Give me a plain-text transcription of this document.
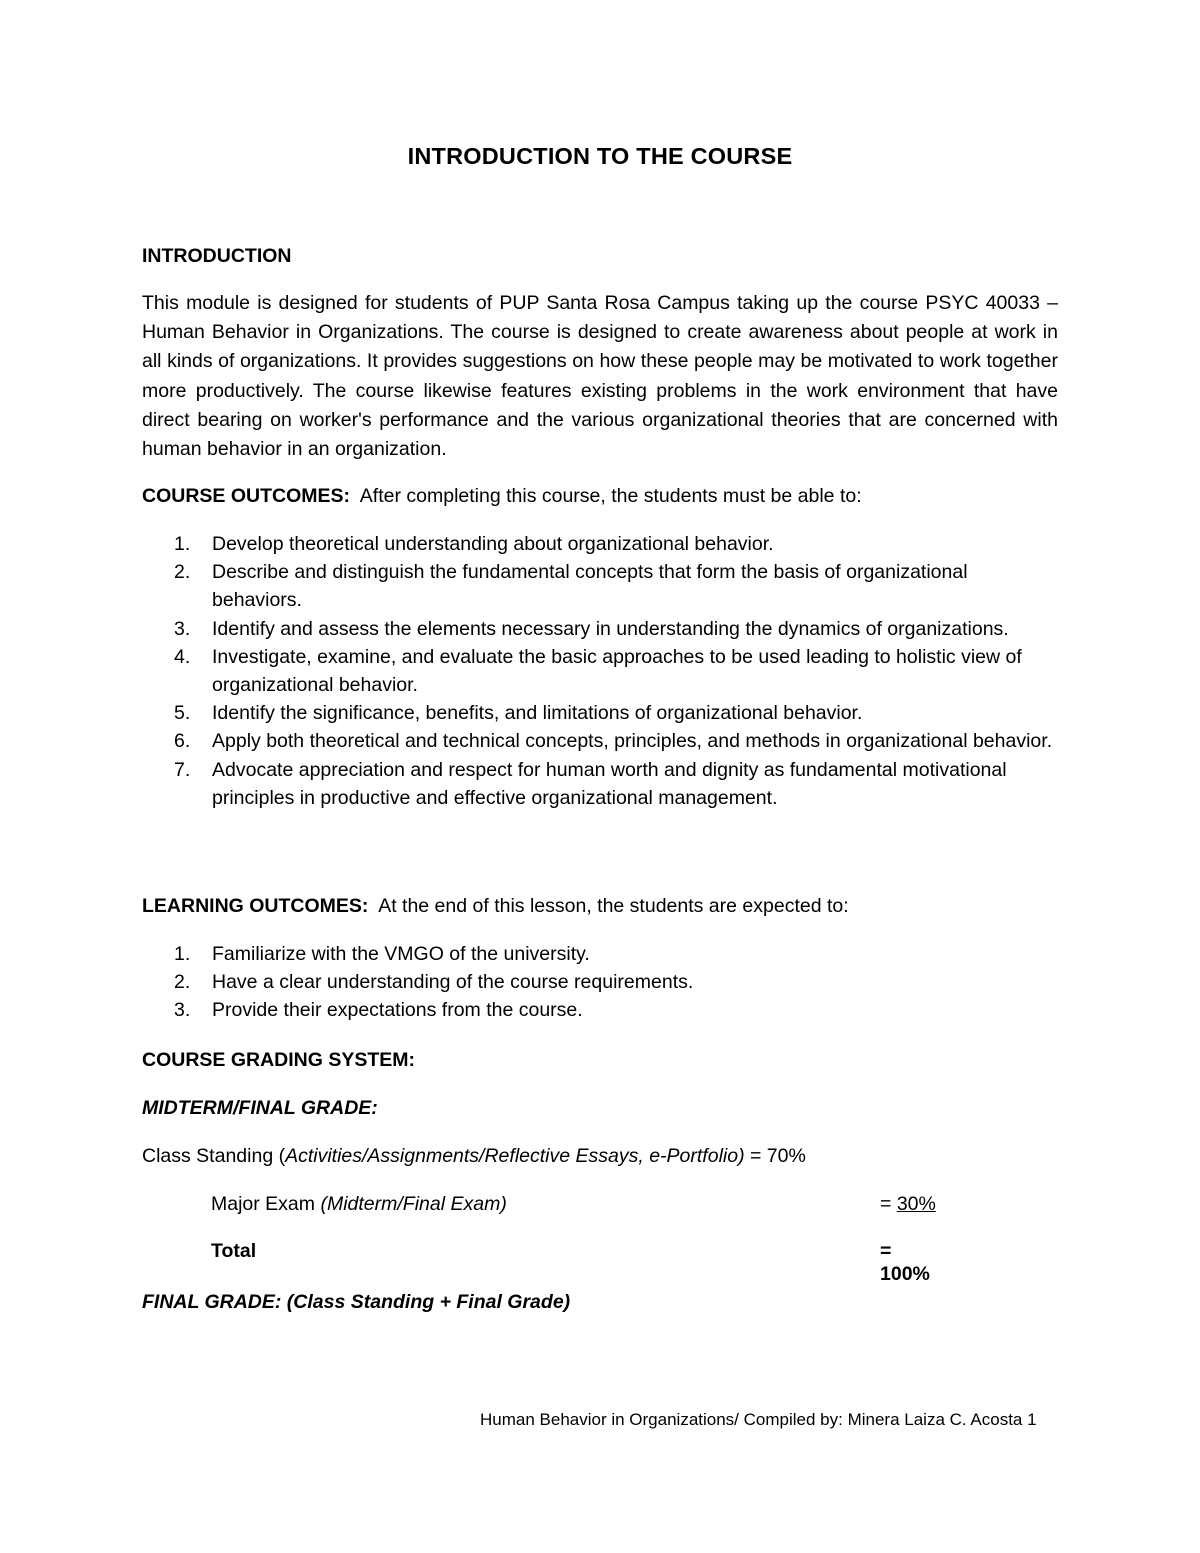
INTRODUCTION TO THE COURSE
INTRODUCTION

This module is designed for students of PUP Santa Rosa Campus taking up the course PSYC 40033 – Human Behavior in Organizations. The course is designed to create awareness about people at work in all kinds of organizations. It provides suggestions on how these people may be motivated to work together more productively. The course likewise features existing problems in the work environment that have direct bearing on worker's performance and the various organizational theories that are concerned with human behavior in an organization.

COURSE OUTCOMES: After completing this course, the students must be able to:
1. Develop theoretical understanding about organizational behavior.
2. Describe and distinguish the fundamental concepts that form the basis of organizational behaviors.
3. Identify and assess the elements necessary in understanding the dynamics of organizations.
4. Investigate, examine, and evaluate the basic approaches to be used leading to holistic view of organizational behavior.
5. Identify the significance, benefits, and limitations of organizational behavior.
6. Apply both theoretical and technical concepts, principles, and methods in organizational behavior.
7. Advocate appreciation and respect for human worth and dignity as fundamental motivational principles in productive and effective organizational management.
LEARNING OUTCOMES: At the end of this lesson, the students are expected to:
1. Familiarize with the VMGO of the university.
2. Have a clear understanding of the course requirements.
3. Provide their expectations from the course.
COURSE GRADING SYSTEM:
MIDTERM/FINAL GRADE:
Class Standing (Activities/Assignments/Reflective Essays, e-Portfolio) = 70%
Major Exam (Midterm/Final Exam)	= 30%
Total	= 100%
FINAL GRADE: (Class Standing + Final Grade)
Human Behavior in Organizations/ Compiled by: Minera Laiza C. Acosta 1
